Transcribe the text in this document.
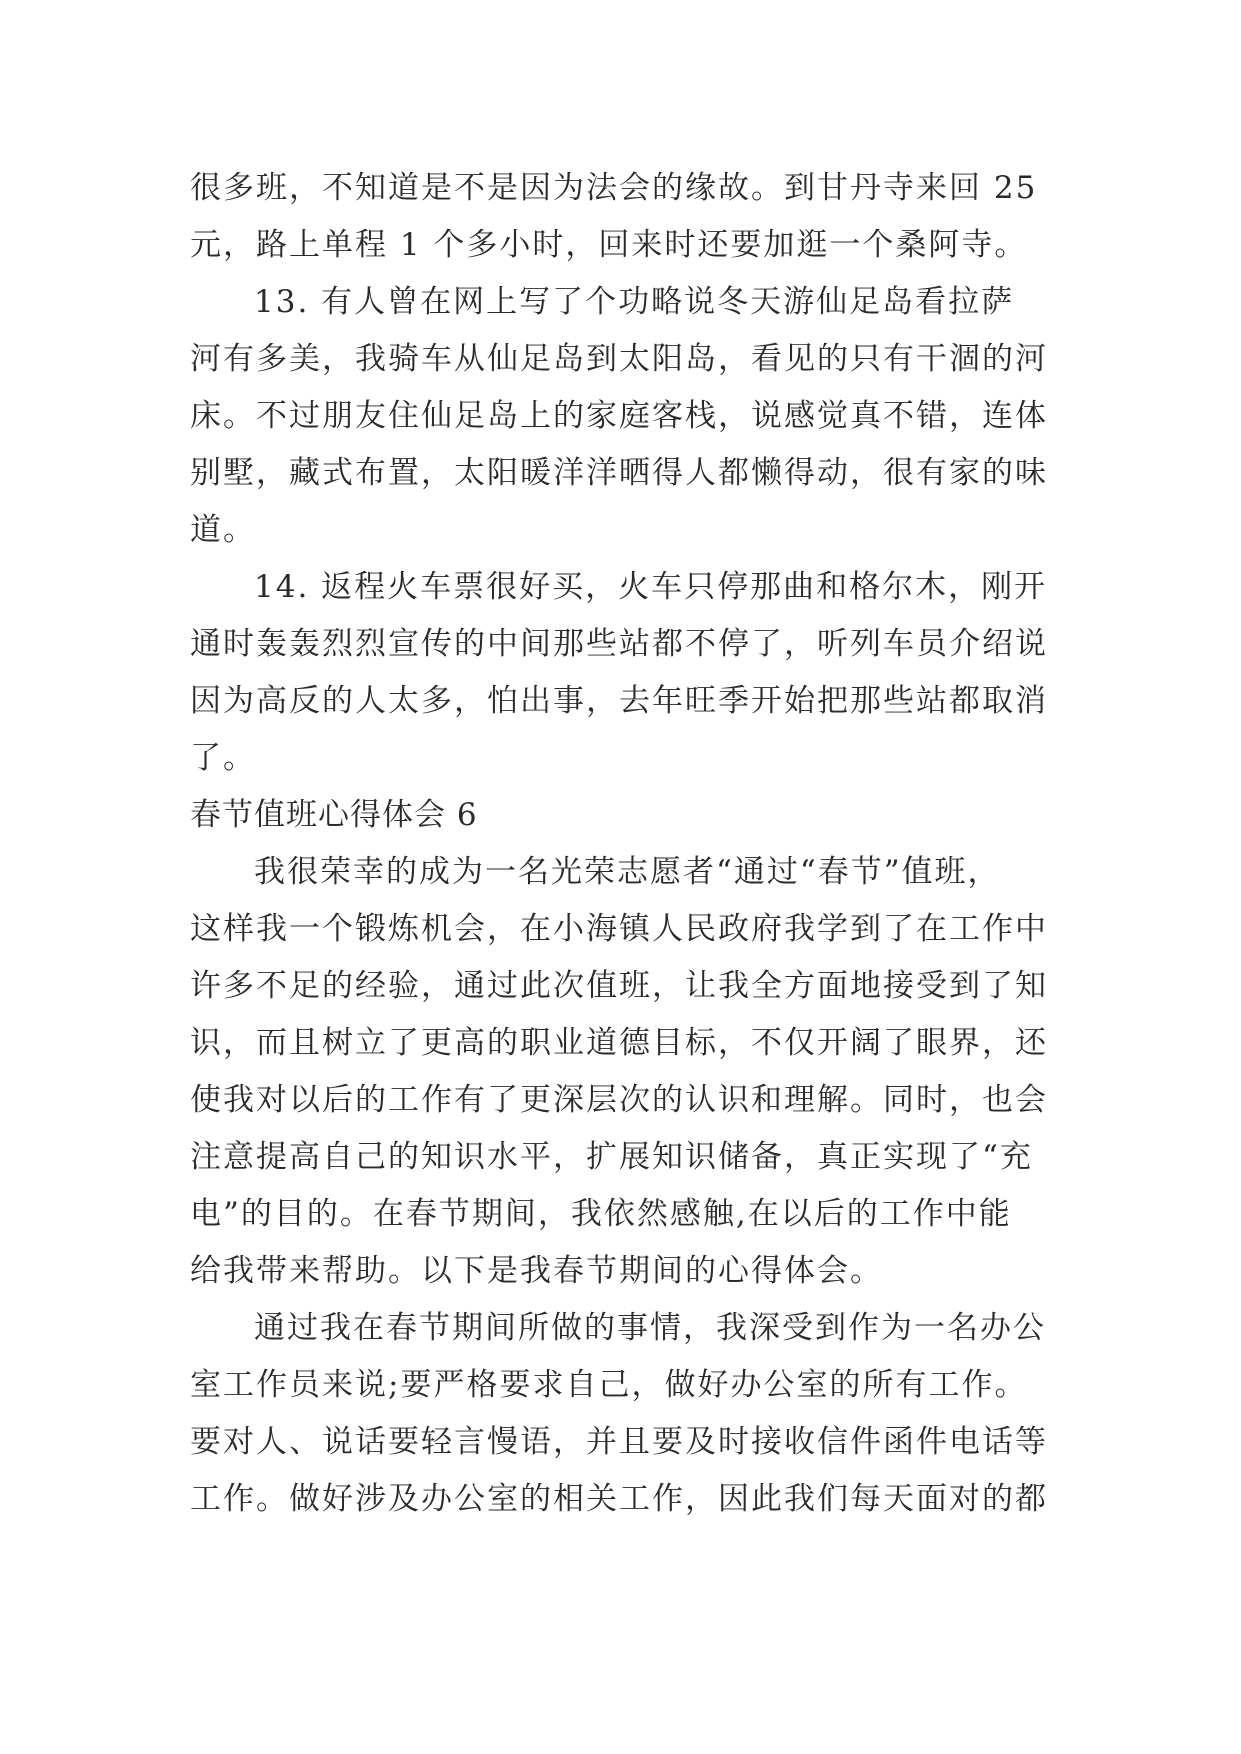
很多班，不知道是不是因为法会的缘故。到甘丹寺来回 25
元，路上单程 1 个多小时，回来时还要加逛一个桑阿寺。
13. 有人曾在网上写了个功略说冬天游仙足岛看拉萨
河有多美，我骑车从仙足岛到太阳岛，看见的只有干涸的河
床。不过朋友住仙足岛上的家庭客栈，说感觉真不错，连体
别墅，藏式布置，太阳暖洋洋晒得人都懒得动，很有家的味
道。
14. 返程火车票很好买，火车只停那曲和格尔木，刚开
通时轰轰烈烈宣传的中间那些站都不停了，听列车员介绍说
因为高反的人太多，怕出事，去年旺季开始把那些站都取消
了。
春节值班心得体会 6
我很荣幸的成为一名光荣志愿者“通过“春节”值班，
这样我一个锻炼机会，在小海镇人民政府我学到了在工作中
许多不足的经验，通过此次值班，让我全方面地接受到了知
识，而且树立了更高的职业道德目标，不仅开阔了眼界，还
使我对以后的工作有了更深层次的认识和理解。同时，也会
注意提高自己的知识水平，扩展知识储备，真正实现了“充
电”的目的。在春节期间，我依然感触,在以后的工作中能
给我带来帮助。以下是我春节期间的心得体会。
通过我在春节期间所做的事情，我深受到作为一名办公
室工作员来说;要严格要求自己，做好办公室的所有工作。
要对人、说话要轻言慢语，并且要及时接收信件函件电话等
工作。做好涉及办公室的相关工作，因此我们每天面对的都
